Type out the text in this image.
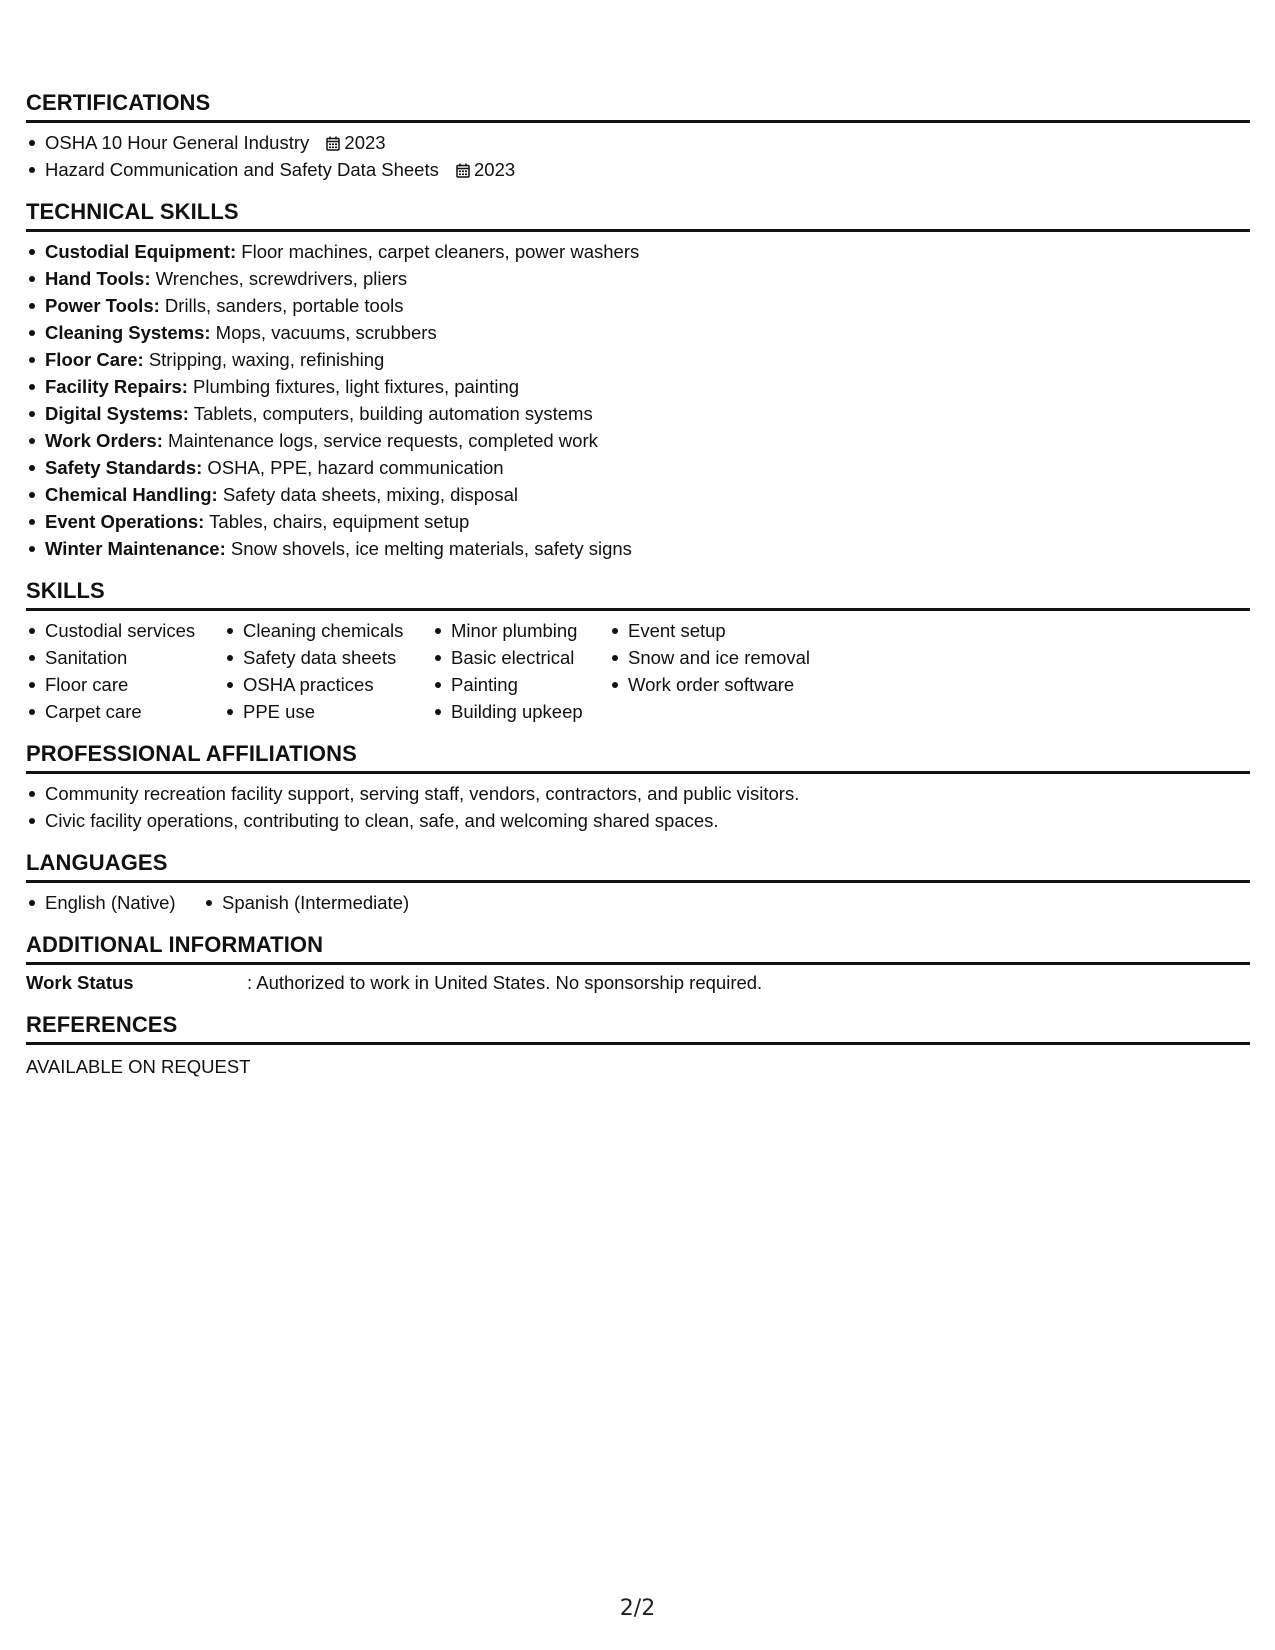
CERTIFICATIONS
OSHA 10 Hour General Industry 2023
Hazard Communication and Safety Data Sheets 2023
TECHNICAL SKILLS
Custodial Equipment: Floor machines, carpet cleaners, power washers
Hand Tools: Wrenches, screwdrivers, pliers
Power Tools: Drills, sanders, portable tools
Cleaning Systems: Mops, vacuums, scrubbers
Floor Care: Stripping, waxing, refinishing
Facility Repairs: Plumbing fixtures, light fixtures, painting
Digital Systems: Tablets, computers, building automation systems
Work Orders: Maintenance logs, service requests, completed work
Safety Standards: OSHA, PPE, hazard communication
Chemical Handling: Safety data sheets, mixing, disposal
Event Operations: Tables, chairs, equipment setup
Winter Maintenance: Snow shovels, ice melting materials, safety signs
SKILLS
Custodial services
Sanitation
Floor care
Carpet care
Cleaning chemicals
Safety data sheets
OSHA practices
PPE use
Minor plumbing
Basic electrical
Painting
Building upkeep
Event setup
Snow and ice removal
Work order software
PROFESSIONAL AFFILIATIONS
Community recreation facility support, serving staff, vendors, contractors, and public visitors.
Civic facility operations, contributing to clean, safe, and welcoming shared spaces.
LANGUAGES
English (Native)	Spanish (Intermediate)
ADDITIONAL INFORMATION
Work Status	: Authorized to work in United States. No sponsorship required.
REFERENCES
AVAILABLE ON REQUEST
2/2
